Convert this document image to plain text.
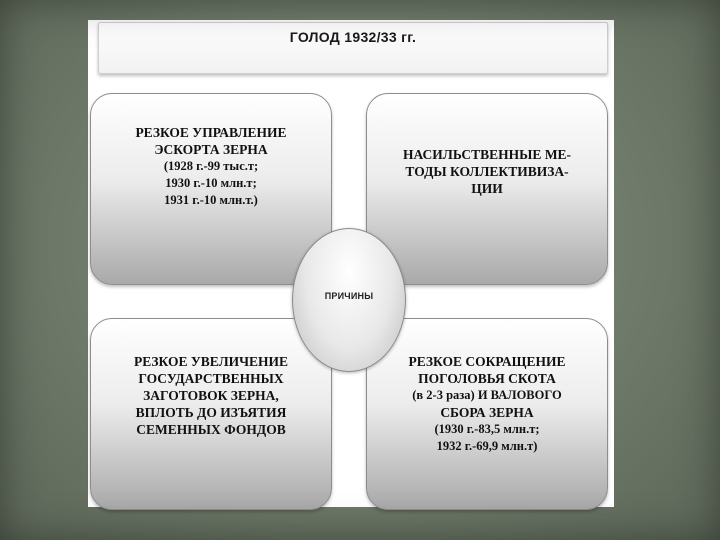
ГОЛОД 1932/33 гг.
РЕЗКОЕ УПРАВЛЕНИЕ
ЭСКОРТА ЗЕРНА
(1928 г.-99 тыс.т;
1930 г.-10 млн.т;
1931 г.-10 млн.т.)
НАСИЛЬСТВЕННЫЕ МЕ-
ТОДЫ КОЛЛЕКТИВИЗА-
ЦИИ
РЕЗКОЕ УВЕЛИЧЕНИЕ
ГОСУДАРСТВЕННЫХ
ЗАГОТОВОК ЗЕРНА,
ВПЛОТЬ ДО ИЗЪЯТИЯ
СЕМЕННЫХ ФОНДОВ
РЕЗКОЕ СОКРАЩЕНИЕ
ПОГОЛОВЬЯ СКОТА
(в 2-3 раза) И ВАЛОВОГО
СБОРА ЗЕРНА
(1930 г.-83,5 млн.т;
1932 г.-69,9 млн.т)
ПРИЧИНЫ
